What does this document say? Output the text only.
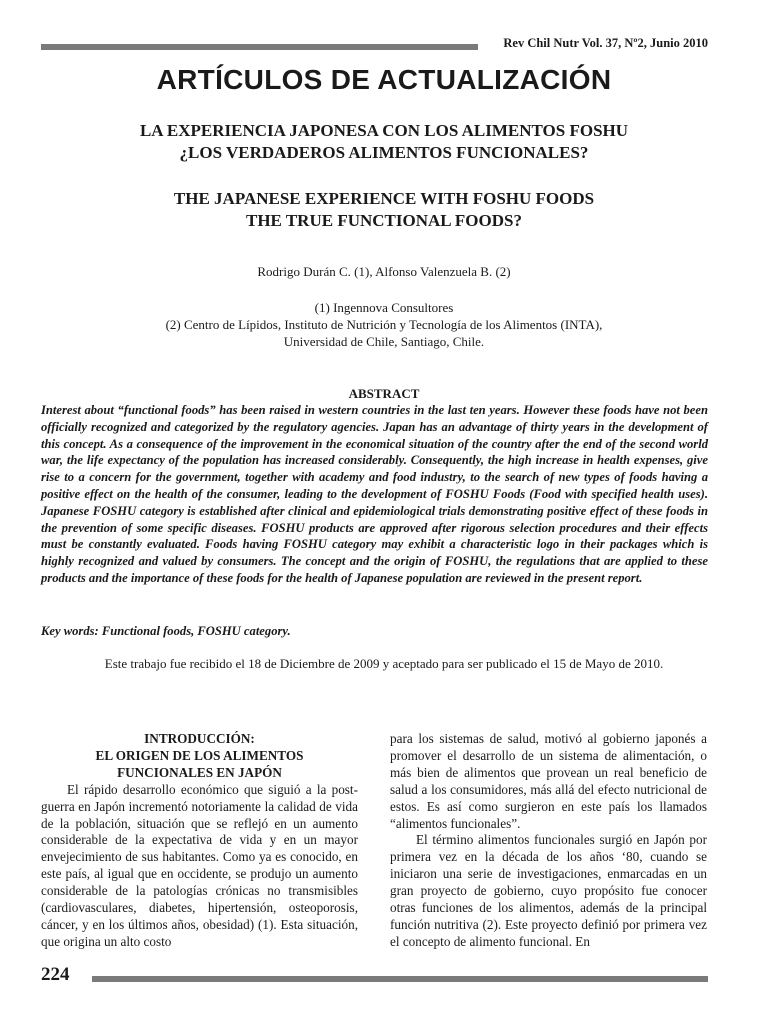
Rev Chil Nutr Vol. 37, Nº2, Junio 2010
ARTÍCULOS DE ACTUALIZACIÓN
LA EXPERIENCIA JAPONESA CON LOS ALIMENTOS FOSHU
¿LOS VERDADEROS ALIMENTOS FUNCIONALES?
THE JAPANESE EXPERIENCE WITH FOSHU FOODS
THE TRUE FUNCTIONAL FOODS?
Rodrigo Durán C. (1), Alfonso Valenzuela B. (2)
(1) Ingennova Consultores
(2) Centro de Lípidos, Instituto de Nutrición y Tecnología de los Alimentos (INTA),
Universidad de Chile, Santiago, Chile.
ABSTRACT
Interest about “functional foods” has been raised in western countries in the last ten years. However these foods have not been officially recognized and categorized by the regulatory agencies. Japan has an advantage of thirty years in the development of this concept. As a consequence of the improvement in the economical situation of the country after the end of the second world war, the life expectancy of the population has increased considerably. Consequently, the high increase in health expenses, give rise to a concern for the government, together with academy and food industry, to the search of new types of foods having a positive effect on the health of the consumer, leading to the development of FOSHU Foods (Food with specified health uses). Japanese FOSHU category is established after clinical and epidemiological trials demonstrating positive effect of these foods in the prevention of some specific diseases. FOSHU products are approved after rigorous selection procedures and their effects must be constantly evaluated. Foods having FOSHU category may exhibit a characteristic logo in their packages which is highly recognized and valued by consumers. The concept and the origin of FOSHU, the regulations that are applied to these products and the importance of these foods for the health of Japanese population are reviewed in the present report.
Key words: Functional foods, FOSHU category.
Este trabajo fue recibido el 18 de Diciembre de 2009 y aceptado para ser publicado el 15 de Mayo de 2010.
INTRODUCCIÓN:
EL ORIGEN DE LOS ALIMENTOS
FUNCIONALES EN JAPÓN

El rápido desarrollo económico que siguió a la post-guerra en Japón incrementó notoriamente la calidad de vida de la población, situación que se reflejó en un aumento considerable de la expectativa de vida y en un mayor envejecimiento de sus habitantes. Como ya es conocido, en este país, al igual que en occidente, se produjo un aumento considerable de la patologías crónicas no transmisibles (cardiovasculares, diabetes, hipertensión, osteoporosis, cáncer, y en los últimos años, obesidad) (1). Esta situación, que origina un alto costo

para los sistemas de salud, motivó al gobierno japonés a promover el desarrollo de un sistema de alimentación, o más bien de alimentos que provean un real beneficio de salud a los consumidores, más allá del efecto nutricional de estos. Es así como surgieron en este país los llamados “alimentos funcionales”.

El término alimentos funcionales surgió en Japón por primera vez en la década de los años ‘80, cuando se iniciaron una serie de investigaciones, enmarcadas en un gran proyecto de gobierno, cuyo propósito fue conocer otras funciones de los alimentos, además de la principal función nutritiva (2). Este proyecto definió por primera vez el concepto de alimento funcional. En

224
